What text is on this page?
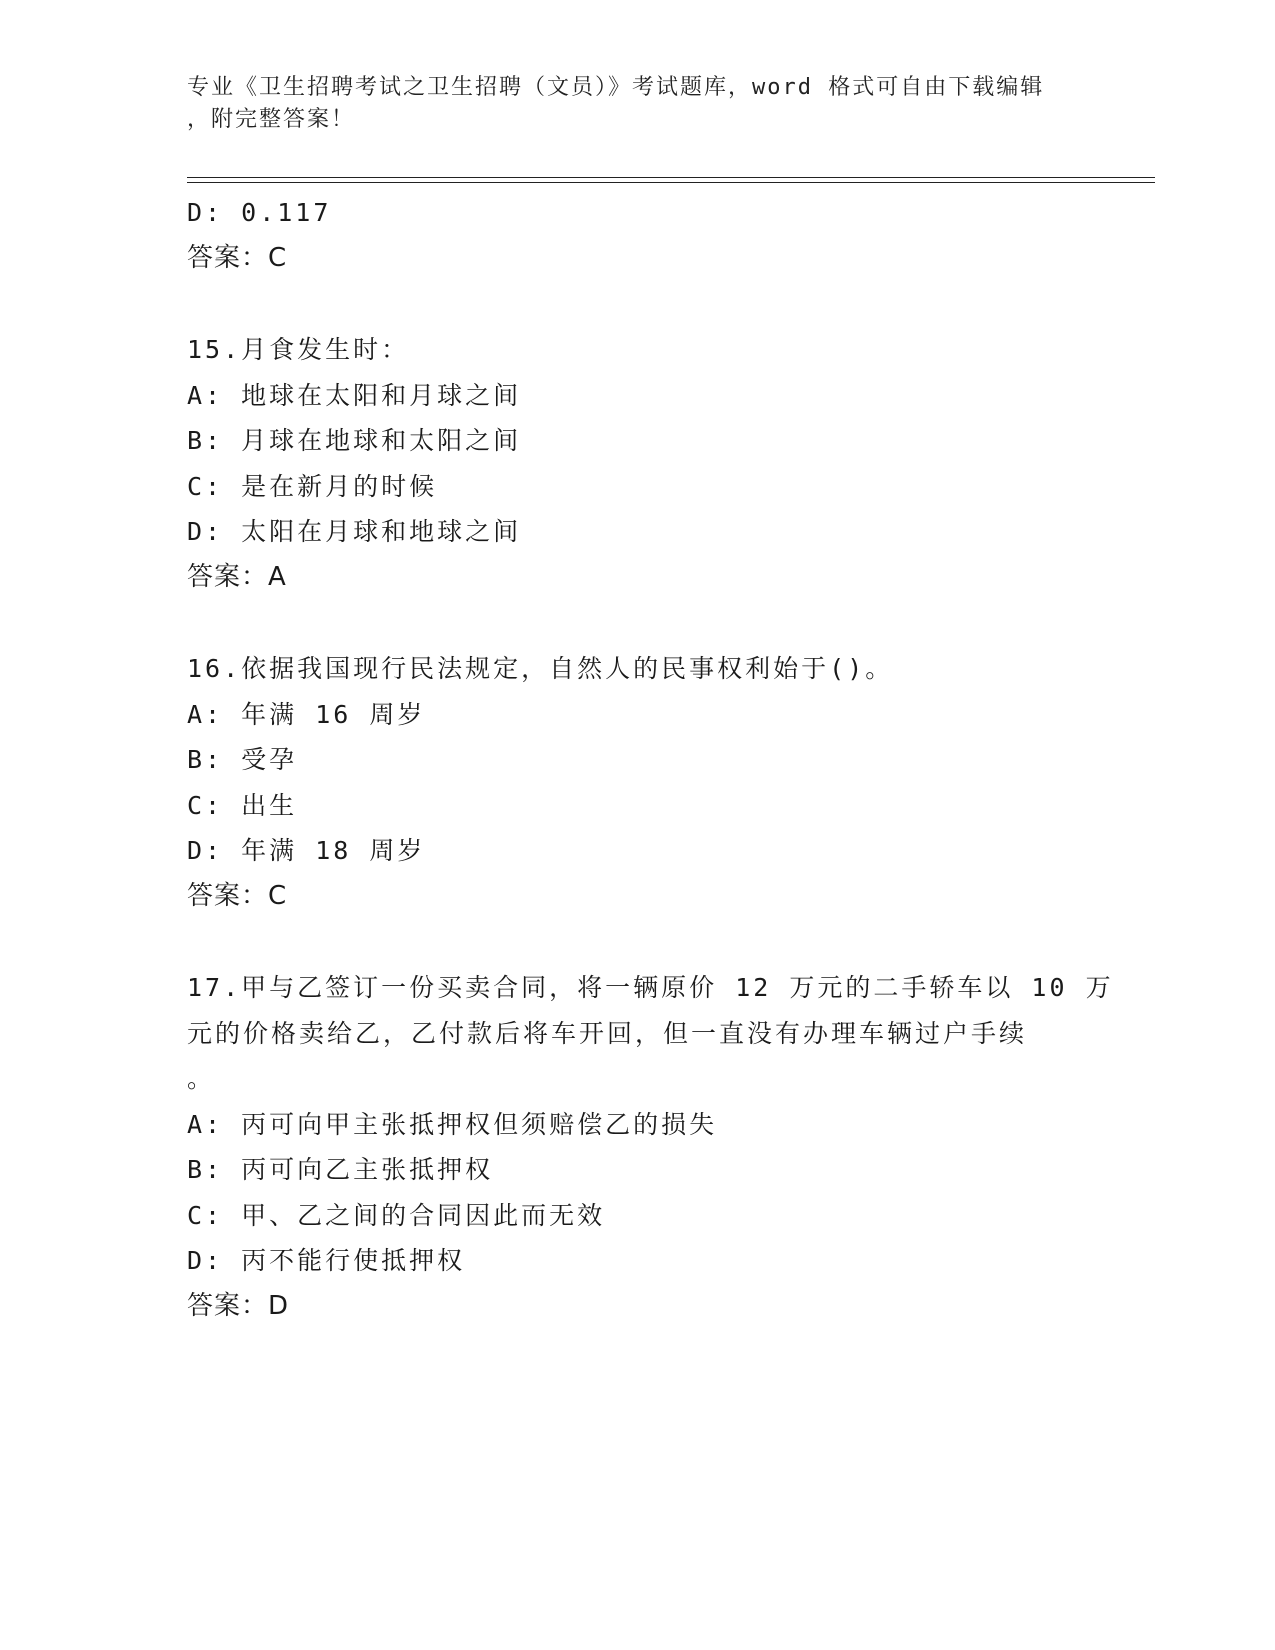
专业《卫生招聘考试之卫生招聘（文员）》考试题库，word 格式可自由下载编辑
，附完整答案！
D: 0.117
答案：C
15.月食发生时：
A: 地球在太阳和月球之间
B: 月球在地球和太阳之间
C: 是在新月的时候
D: 太阳在月球和地球之间
答案：A
16.依据我国现行民法规定，自然人的民事权利始于()。
A: 年满 16 周岁
B: 受孕
C: 出生
D: 年满 18 周岁
答案：C
17.甲与乙签订一份买卖合同，将一辆原价 12 万元的二手轿车以 10 万
元的价格卖给乙，乙付款后将车开回，但一直没有办理车辆过户手续
。
A: 丙可向甲主张抵押权但须赔偿乙的损失
B: 丙可向乙主张抵押权
C: 甲、乙之间的合同因此而无效
D: 丙不能行使抵押权
答案：D
